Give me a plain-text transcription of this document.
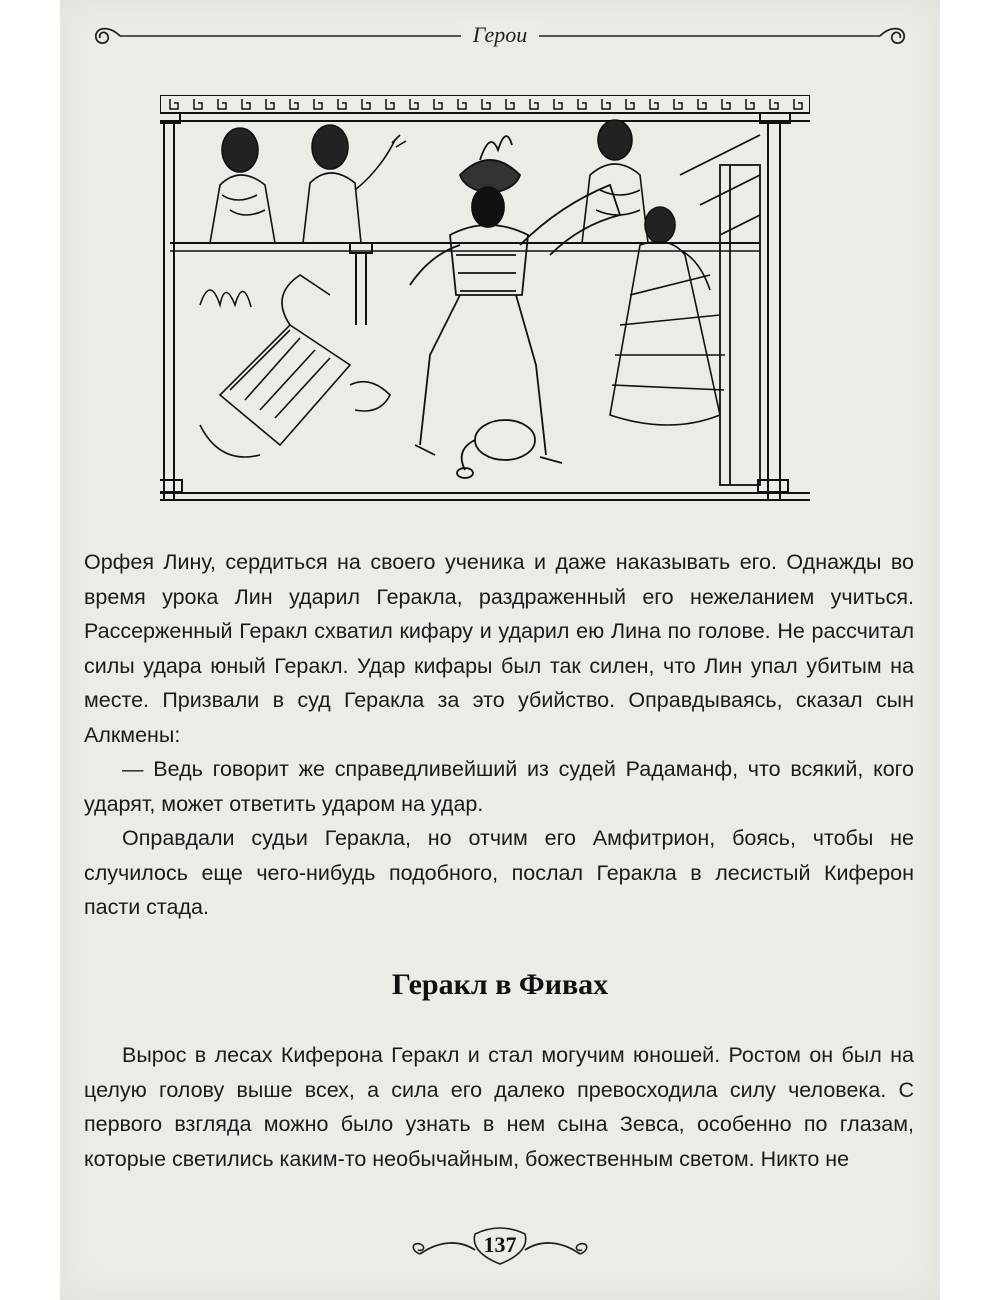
Герои

Орфея Лину, сердиться на своего ученика и даже наказывать его. Однажды во время урока Лин ударил Геракла, раздраженный его нежеланием учиться. Рассерженный Геракл схватил кифару и ударил ею Лина по голове. Не рассчитал силы удара юный Геракл. Удар кифары был так силен, что Лин упал убитым на месте. Призвали в суд Геракла за это убийство. Оправдываясь, сказал сын Алкмены:

— Ведь говорит же справедливейший из судей Радаманф, что всякий, кого ударят, может ответить ударом на удар.

Оправдали судьи Геракла, но отчим его Амфитрион, боясь, чтобы не случилось еще чего-нибудь подобного, послал Геракла в лесистый Киферон пасти стада.

Геракл в Фивах

Вырос в лесах Киферона Геракл и стал могучим юношей. Ростом он был на целую голову выше всех, а сила его далеко превосходила силу человека. С первого взгляда можно было узнать в нем сына Зевса, особенно по глазам, которые светились каким-то необычайным, божественным светом. Никто не

137
